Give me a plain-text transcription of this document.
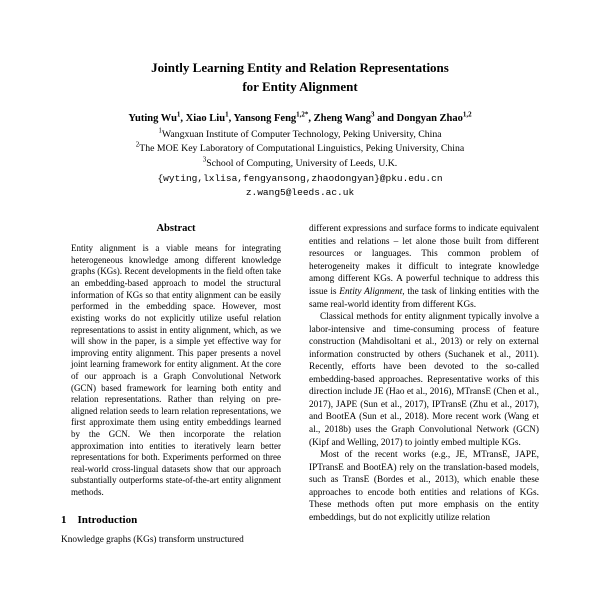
Jointly Learning Entity and Relation Representations
for Entity Alignment
Yuting Wu$^1$, Xiao Liu$^1$, Yansong Feng$^{1,2*}$, Zheng Wang$^3$ and Dongyan Zhao$^{1,2}$
$^1$Wangxuan Institute of Computer Technology, Peking University, China
$^2$The MOE Key Laboratory of Computational Linguistics, Peking University, China
$^3$School of Computing, University of Leeds, U.K.
{wyting,lxlisa,fengyansong,zhaodongyan}@pku.edu.cn
z.wang5@leeds.ac.uk
Abstract

Entity alignment is a viable means for integrating heterogeneous knowledge among different knowledge graphs (KGs). Recent developments in the field often take an embedding-based approach to model the structural information of KGs so that entity alignment can be easily performed in the embedding space. However, most existing works do not explicitly utilize useful relation representations to assist in entity alignment, which, as we will show in the paper, is a simple yet effective way for improving entity alignment. This paper presents a novel joint learning framework for entity alignment. At the core of our approach is a Graph Convolutional Network (GCN) based framework for learning both entity and relation representations. Rather than relying on pre-aligned relation seeds to learn relation representations, we first approximate them using entity embeddings learned by the GCN. We then incorporate the relation approximation into entities to iteratively learn better representations for both. Experiments performed on three real-world cross-lingual datasets show that our approach substantially outperforms state-of-the-art entity alignment methods.

1 Introduction

Knowledge graphs (KGs) transform unstructured

different expressions and surface forms to indicate equivalent entities and relations – let alone those built from different resources or languages. This common problem of heterogeneity makes it difficult to integrate knowledge among different KGs. A powerful technique to address this issue is Entity Alignment, the task of linking entities with the same real-world identity from different KGs.

Classical methods for entity alignment typically involve a labor-intensive and time-consuming process of feature construction (Mahdisoltani et al., 2013) or rely on external information constructed by others (Suchanek et al., 2011). Recently, efforts have been devoted to the so-called embedding-based approaches. Representative works of this direction include JE (Hao et al., 2016), MTransE (Chen et al., 2017), JAPE (Sun et al., 2017), IPTransE (Zhu et al., 2017), and BootEA (Sun et al., 2018). More recent work (Wang et al., 2018b) uses the Graph Convolutional Network (GCN) (Kipf and Welling, 2017) to jointly embed multiple KGs.

Most of the recent works (e.g., JE, MTransE, JAPE, IPTransE and BootEA) rely on the translation-based models, such as TransE (Bordes et al., 2013), which enable these approaches to encode both entities and relations of KGs. These methods often put more emphasis on the entity embeddings, but do not explicitly utilize relation
